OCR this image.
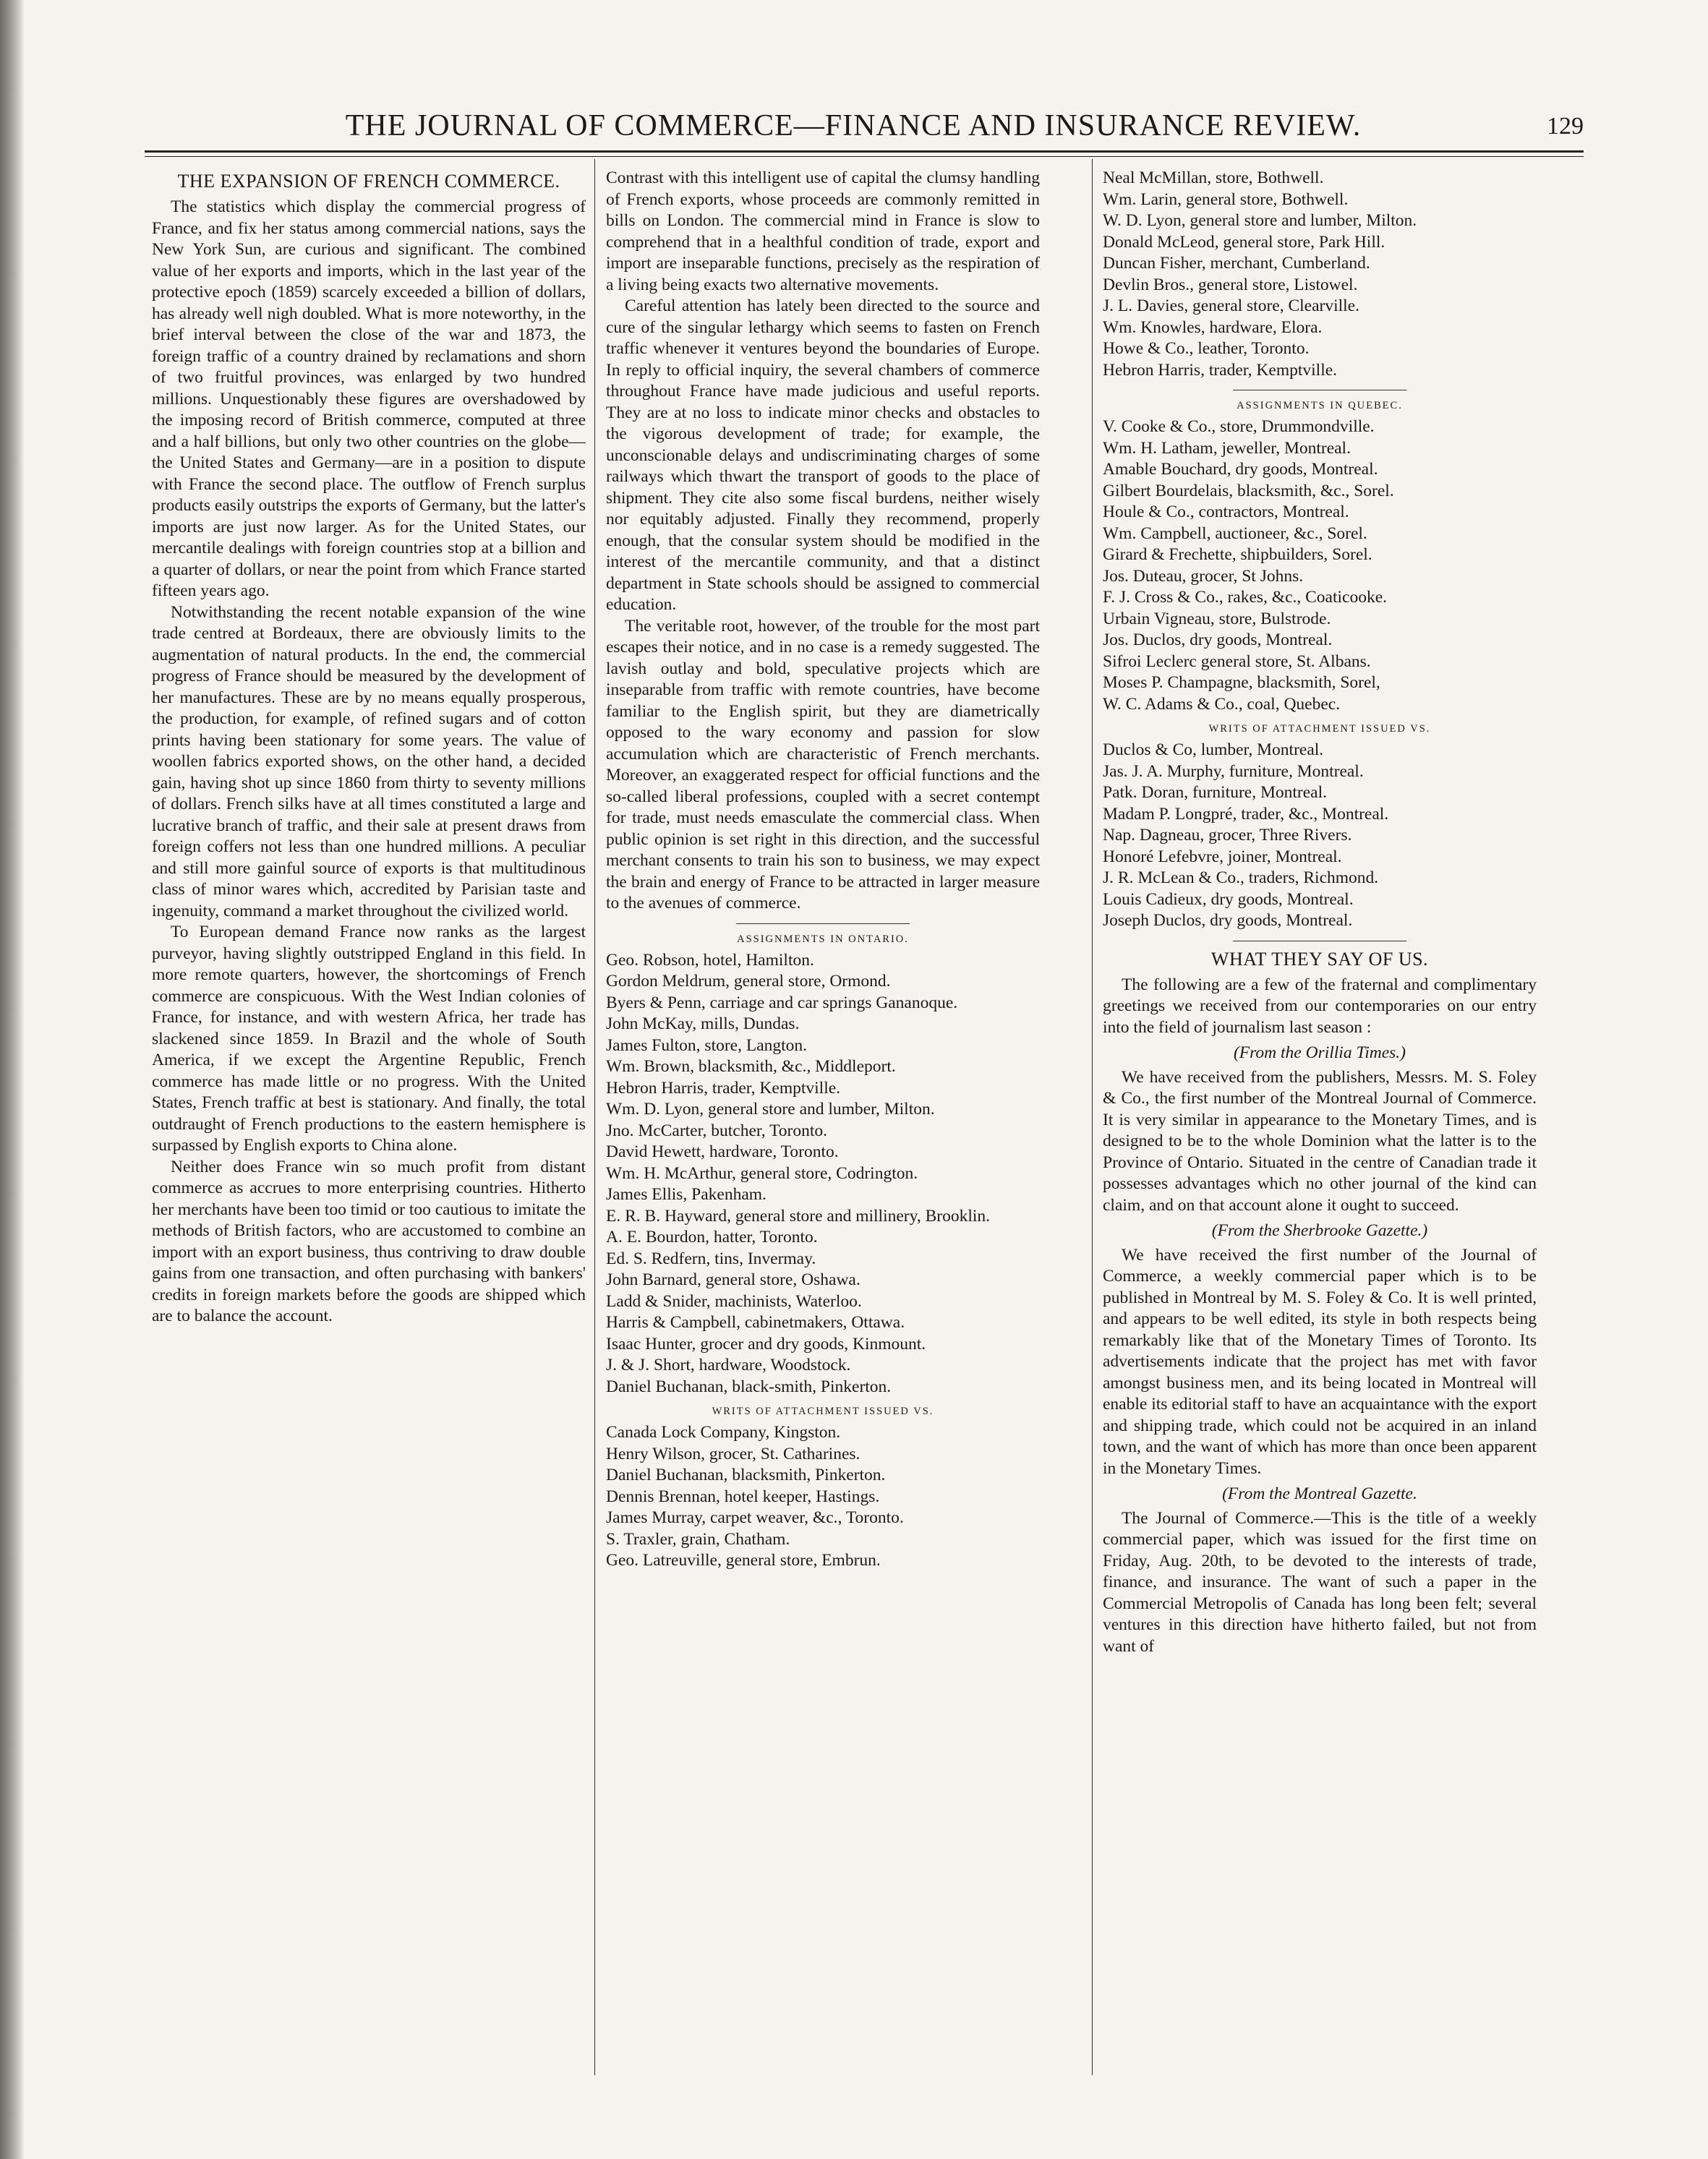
THE JOURNAL OF COMMERCE—FINANCE AND INSURANCE REVIEW.	129
THE EXPANSION OF FRENCH COMMERCE.

The statistics which display the commercial progress of France, and fix her status among commercial nations, says the New York Sun, are curious and significant. The combined value of her exports and imports, which in the last year of the protective epoch (1859) scarcely exceeded a billion of dollars, has already well nigh doubled. What is more noteworthy, in the brief interval between the close of the war and 1873, the foreign traffic of a country drained by reclamations and shorn of two fruitful provinces, was enlarged by two hundred millions. Unquestionably these figures are overshadowed by the imposing record of British commerce, computed at three and a half billions, but only two other countries on the globe—the United States and Germany—are in a position to dispute with France the second place. The outflow of French surplus products easily outstrips the exports of Germany, but the latter's imports are just now larger. As for the United States, our mercantile dealings with foreign countries stop at a billion and a quarter of dollars, or near the point from which France started fifteen years ago.

Notwithstanding the recent notable expansion of the wine trade centred at Bordeaux, there are obviously limits to the augmentation of natural products. In the end, the commercial progress of France should be measured by the development of her manufactures. These are by no means equally prosperous, the production, for example, of refined sugars and of cotton prints having been stationary for some years. The value of woollen fabrics exported shows, on the other hand, a decided gain, having shot up since 1860 from thirty to seventy millions of dollars. French silks have at all times constituted a large and lucrative branch of traffic, and their sale at present draws from foreign coffers not less than one hundred millions. A peculiar and still more gainful source of exports is that multitudinous class of minor wares which, accredited by Parisian taste and ingenuity, command a market throughout the civilized world.

To European demand France now ranks as the largest purveyor, having slightly outstripped England in this field. In more remote quarters, however, the shortcomings of French commerce are conspicuous. With the West Indian colonies of France, for instance, and with western Africa, her trade has slackened since 1859. In Brazil and the whole of South America, if we except the Argentine Republic, French commerce has made little or no progress. With the United States, French traffic at best is stationary. And finally, the total outdraught of French productions to the eastern hemisphere is surpassed by English exports to China alone.

Neither does France win so much profit from distant commerce as accrues to more enterprising countries. Hitherto her merchants have been too timid or too cautious to imitate the methods of British factors, who are accustomed to combine an import with an export business, thus contriving to draw double gains from one transaction, and often purchasing with bankers' credits in foreign markets before the goods are shipped which are to balance the account.

Contrast with this intelligent use of capital the clumsy handling of French exports, whose proceeds are commonly remitted in bills on London. The commercial mind in France is slow to comprehend that in a healthful condition of trade, export and import are inseparable functions, precisely as the respiration of a living being exacts two alternative movements.

Careful attention has lately been directed to the source and cure of the singular lethargy which seems to fasten on French traffic whenever it ventures beyond the boundaries of Europe. In reply to official inquiry, the several chambers of commerce throughout France have made judicious and useful reports. They are at no loss to indicate minor checks and obstacles to the vigorous development of trade; for example, the unconscionable delays and undiscriminating charges of some railways which thwart the transport of goods to the place of shipment. They cite also some fiscal burdens, neither wisely nor equitably adjusted. Finally they recommend, properly enough, that the consular system should be modified in the interest of the mercantile community, and that a distinct department in State schools should be assigned to commercial education.

The veritable root, however, of the trouble for the most part escapes their notice, and in no case is a remedy suggested. The lavish outlay and bold, speculative projects which are inseparable from traffic with remote countries, have become familiar to the English spirit, but they are diametrically opposed to the wary economy and passion for slow accumulation which are characteristic of French merchants. Moreover, an exaggerated respect for official functions and the so-called liberal professions, coupled with a secret contempt for trade, must needs emasculate the commercial class. When public opinion is set right in this direction, and the successful merchant consents to train his son to business, we may expect the brain and energy of France to be attracted in larger measure to the avenues of commerce.

ASSIGNMENTS IN ONTARIO.
Geo. Robson, hotel, Hamilton.
Gordon Meldrum, general store, Ormond.
Byers & Penn, carriage and car springs Gananoque.
John McKay, mills, Dundas.
James Fulton, store, Langton.
Wm. Brown, blacksmith, &c., Middleport.
Hebron Harris, trader, Kemptville.
Wm. D. Lyon, general store and lumber, Milton.
Jno. McCarter, butcher, Toronto.
David Hewett, hardware, Toronto.
Wm. H. McArthur, general store, Codrington.
James Ellis, Pakenham.
E. R. B. Hayward, general store and millinery, Brooklin.
A. E. Bourdon, hatter, Toronto.
Ed. S. Redfern, tins, Invermay.
John Barnard, general store, Oshawa.
Ladd & Snider, machinists, Waterloo.
Harris & Campbell, cabinetmakers, Ottawa.
Isaac Hunter, grocer and dry goods, Kinmount.
J. & J. Short, hardware, Woodstock.
Daniel Buchanan, black-smith, Pinkerton.
WRITS OF ATTACHMENT ISSUED VS.
Canada Lock Company, Kingston.
Henry Wilson, grocer, St. Catharines.
Daniel Buchanan, blacksmith, Pinkerton.
Dennis Brennan, hotel keeper, Hastings.
James Murray, carpet weaver, &c., Toronto.
S. Traxler, grain, Chatham.
Geo. Latreuville, general store, Embrun.
Neal McMillan, store, Bothwell.
Wm. Larin, general store, Bothwell.
W. D. Lyon, general store and lumber, Milton.
Donald McLeod, general store, Park Hill.
Duncan Fisher, merchant, Cumberland.
Devlin Bros., general store, Listowel.
J. L. Davies, general store, Clearville.
Wm. Knowles, hardware, Elora.
Howe & Co., leather, Toronto.
Hebron Harris, trader, Kemptville.
ASSIGNMENTS IN QUEBEC.
V. Cooke & Co., store, Drummondville.
Wm. H. Latham, jeweller, Montreal.
Amable Bouchard, dry goods, Montreal.
Gilbert Bourdelais, blacksmith, &c., Sorel.
Houle & Co., contractors, Montreal.
Wm. Campbell, auctioneer, &c., Sorel.
Girard & Frechette, shipbuilders, Sorel.
Jos. Duteau, grocer, St Johns.
F. J. Cross & Co., rakes, &c., Coaticooke.
Urbain Vigneau, store, Bulstrode.
Jos. Duclos, dry goods, Montreal.
Sifroi Leclerc general store, St. Albans.
Moses P. Champagne, blacksmith, Sorel,
W. C. Adams & Co., coal, Quebec.
WRITS OF ATTACHMENT ISSUED VS.
Duclos & Co, lumber, Montreal.
Jas. J. A. Murphy, furniture, Montreal.
Patk. Doran, furniture, Montreal.
Madam P. Longpré, trader, &c., Montreal.
Nap. Dagneau, grocer, Three Rivers.
Honoré Lefebvre, joiner, Montreal.
J. R. McLean & Co., traders, Richmond.
Louis Cadieux, dry goods, Montreal.
Joseph Duclos, dry goods, Montreal.
WHAT THEY SAY OF US.

The following are a few of the fraternal and complimentary greetings we received from our contemporaries on our entry into the field of journalism last season :

(From the Orillia Times.)

We have received from the publishers, Messrs. M. S. Foley & Co., the first number of the Montreal Journal of Commerce. It is very similar in appearance to the Monetary Times, and is designed to be to the whole Dominion what the latter is to the Province of Ontario. Situated in the centre of Canadian trade it possesses advantages which no other journal of the kind can claim, and on that account alone it ought to succeed.

(From the Sherbrooke Gazette.)

We have received the first number of the Journal of Commerce, a weekly commercial paper which is to be published in Montreal by M. S. Foley & Co. It is well printed, and appears to be well edited, its style in both respects being remarkably like that of the Monetary Times of Toronto. Its advertisements indicate that the project has met with favor amongst business men, and its being located in Montreal will enable its editorial staff to have an acquaintance with the export and shipping trade, which could not be acquired in an inland town, and the want of which has more than once been apparent in the Monetary Times.

(From the Montreal Gazette.

The Journal of Commerce.—This is the title of a weekly commercial paper, which was issued for the first time on Friday, Aug. 20th, to be devoted to the interests of trade, finance, and insurance. The want of such a paper in the Commercial Metropolis of Canada has long been felt; several ventures in this direction have hitherto failed, but not from want of
